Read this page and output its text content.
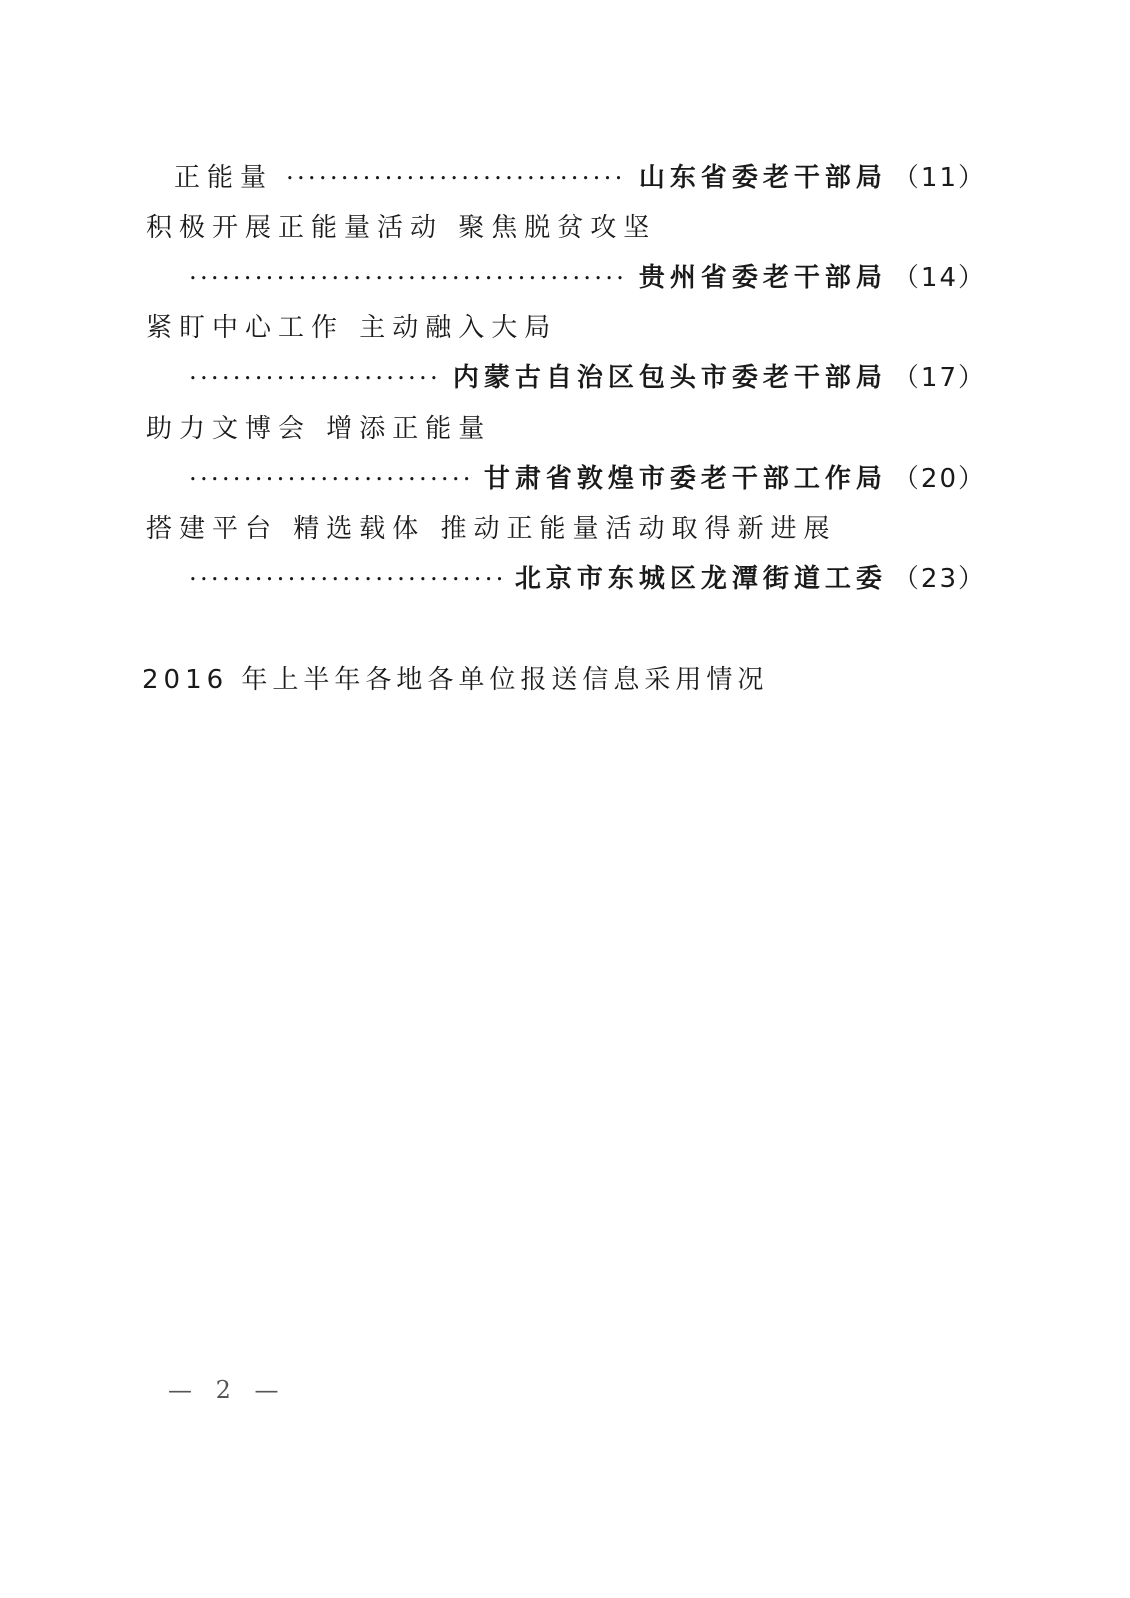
正能量
•••••	山东省委老干部局 （11）
积极开展正能量活动 聚焦脱贫攻坚
•••••
贵州省委老干部局 （14）
紧盯中心工作 主动融入大局
•••••
内蒙古自治区包头市委老干部局 （17）
助力文博会 增添正能量
•••••
甘肃省敦煌市委老干部工作局 （20）
搭建平台 精选载体 推动正能量活动取得新进展
•••••
北京市东城区龙潭街道工委 （23）
2016 年上半年各地各单位报送信息采用情况
— 2 —
